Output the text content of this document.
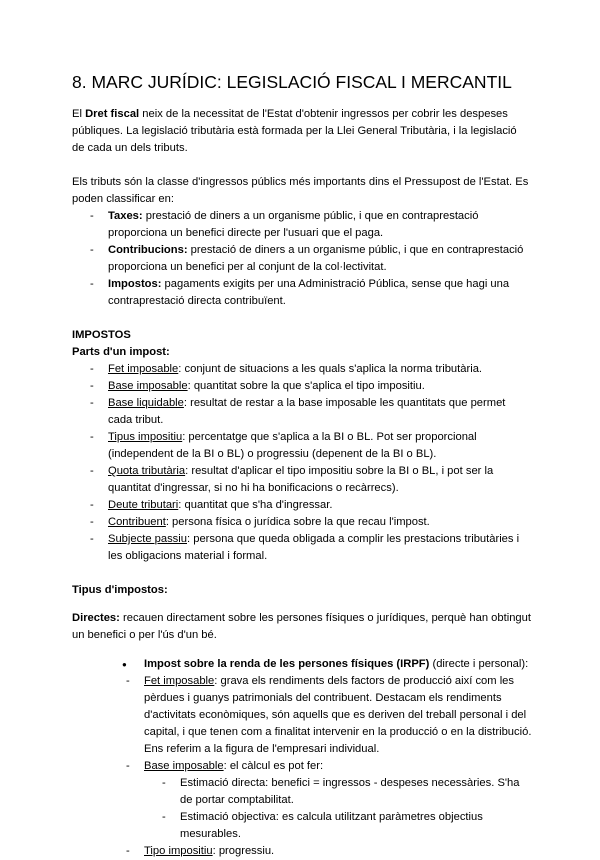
8. MARC JURÍDIC: LEGISLACIÓ FISCAL I MERCANTIL

El Dret fiscal neix de la necessitat de l'Estat d'obtenir ingressos per cobrir les despeses públiques. La legislació tributària està formada per la Llei General Tributària, i la legislació de cada un dels tributs.

Els tributs són la classe d'ingressos públics més importants dins el Pressupost de l'Estat. Es poden classificar en:

- Taxes: prestació de diners a un organisme públic, i que en contraprestació proporciona un benefici directe per l'usuari que el paga.
- Contribucions: prestació de diners a un organisme públic, i que en contraprestació proporciona un benefici per al conjunt de la col·lectivitat.
- Impostos: pagaments exigits per una Administració Pública, sense que hagi una contraprestació directa contribuïent.

IMPOSTOS

Parts d'un impost:

- Fet imposable: conjunt de situacions a les quals s'aplica la norma tributària.
- Base imposable: quantitat sobre la que s'aplica el tipo impositiu.
- Base liquidable: resultat de restar a la base imposable les quantitats que permet cada tribut.
- Tipus impositiu: percentatge que s'aplica a la BI o BL. Pot ser proporcional (independent de la BI o BL) o progressiu (depenent de la BI o BL).
- Quota tributària: resultat d'aplicar el tipo impositiu sobre la BI o BL, i pot ser la quantitat d'ingressar, si no hi ha bonificacions o recàrrecs).
- Deute tributari: quantitat que s'ha d'ingressar.
- Contribuent: persona física o jurídica sobre la que recau l'impost.
- Subjecte passiu: persona que queda obligada a complir les prestacions tributàries i les obligacions material i formal.

Tipus d'impostos:

Directes: recauen directament sobre les persones físiques o jurídiques, perquè han obtingut un benefici o per l'ús d'un bé.

● Impost sobre la renda de les persones físiques (IRPF) (directe i personal):
- Fet imposable: grava els rendiments dels factors de producció així com les pèrdues i guanys patrimonials del contribuent. Destacam els rendiments d'activitats econòmiques, són aquells que es deriven del treball personal i del capital, i que tenen com a finalitat intervenir en la producció o en la distribució. Ens referim a la figura de l'empresari individual.
- Base imposable: el càlcul es pot fer:
- Estimació directa: benefici = ingressos - despeses necessàries. S'ha de portar comptabilitat.
- Estimació objectiva: es calcula utilitzant paràmetres objectius mesurables.
- Tipo impositiu: progressiu.
